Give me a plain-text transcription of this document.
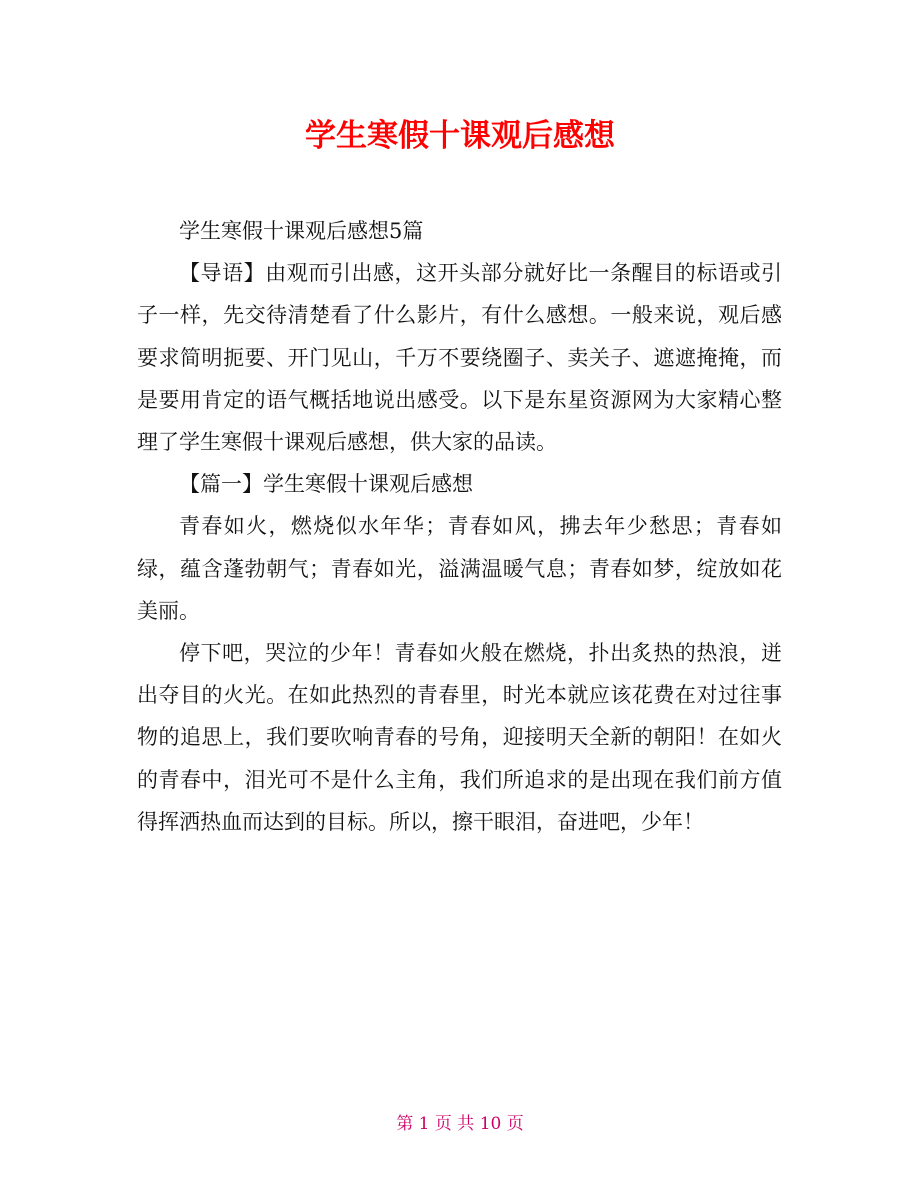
学生寒假十课观后感想

学生寒假十课观后感想5篇

【导语】由观而引出感，这开头部分就好比一条醒目的标语或引子一样，先交待清楚看了什么影片，有什么感想。一般来说，观后感要求简明扼要、开门见山，千万不要绕圈子、卖关子、遮遮掩掩，而是要用肯定的语气概括地说出感受。以下是东星资源网为大家精心整理了学生寒假十课观后感想，供大家的品读。

【篇一】学生寒假十课观后感想

青春如火，燃烧似水年华；青春如风，拂去年少愁思；青春如绿，蕴含蓬勃朝气；青春如光，溢满温暖气息；青春如梦，绽放如花美丽。

停下吧，哭泣的少年！青春如火般在燃烧，扑出炙热的热浪，迸出夺目的火光。在如此热烈的青春里，时光本就应该花费在对过往事物的追思上，我们要吹响青春的号角，迎接明天全新的朝阳！在如火的青春中，泪光可不是什么主角，我们所追求的是出现在我们前方值得挥洒热血而达到的目标。所以，擦干眼泪，奋进吧，少年！

第 1 页 共 10 页
